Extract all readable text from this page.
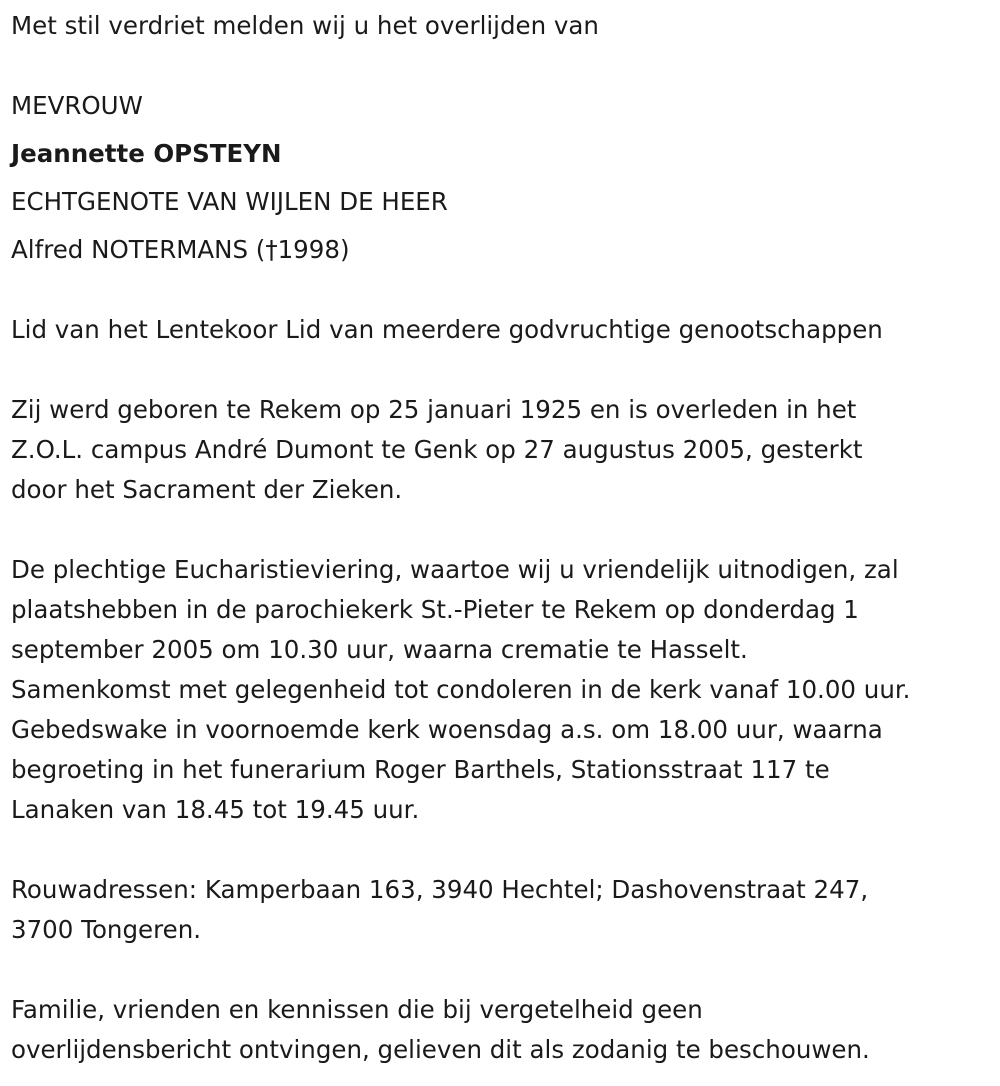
Met stil verdriet melden wij u het overlijden van
MEVROUW
Jeannette OPSTEYN
ECHTGENOTE VAN WIJLEN DE HEER
Alfred NOTERMANS (†1998)
Lid van het Lentekoor Lid van meerdere godvruchtige genootschappen
Zij werd geboren te Rekem op 25 januari 1925 en is overleden in het
Z.O.L. campus André Dumont te Genk op 27 augustus 2005, gesterkt
door het Sacrament der Zieken.
De plechtige Eucharistieviering, waartoe wij u vriendelijk uitnodigen, zal
plaatshebben in de parochiekerk St.-Pieter te Rekem op donderdag 1
september 2005 om 10.30 uur, waarna crematie te Hasselt.
Samenkomst met gelegenheid tot condoleren in de kerk vanaf 10.00 uur.
Gebedswake in voornoemde kerk woensdag a.s. om 18.00 uur, waarna
begroeting in het funerarium Roger Barthels, Stationsstraat 117 te
Lanaken van 18.45 tot 19.45 uur.
Rouwadressen: Kamperbaan 163, 3940 Hechtel; Dashovenstraat 247,
3700 Tongeren.
Familie, vrienden en kennissen die bij vergetelheid geen
overlijdensbericht ontvingen, gelieven dit als zodanig te beschouwen.
